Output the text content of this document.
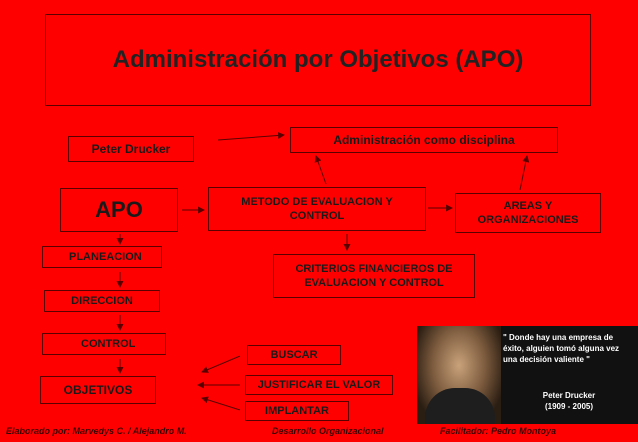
Administración por Objetivos (APO)
Peter Drucker
Administración como disciplina
APO	METODO DE EVALUACION Y CONTROL
AREAS Y ORGANIZACIONES
CRITERIOS FINANCIEROS DE EVALUACION Y CONTROL
PLANEACION
DIRECCION
CONTROL
OBJETIVOS
BUSCAR
JUSTIFICAR EL VALOR
IMPLANTAR
" Donde hay una empresa de éxito, alguien tomó alguna vez una decisión valiente "
Peter Drucker
(1909 - 2005)
Elaborado por: Marvedys C. / Alejandro M.	Desarrollo Organizacional	Facilitador: Pedro Montoya
